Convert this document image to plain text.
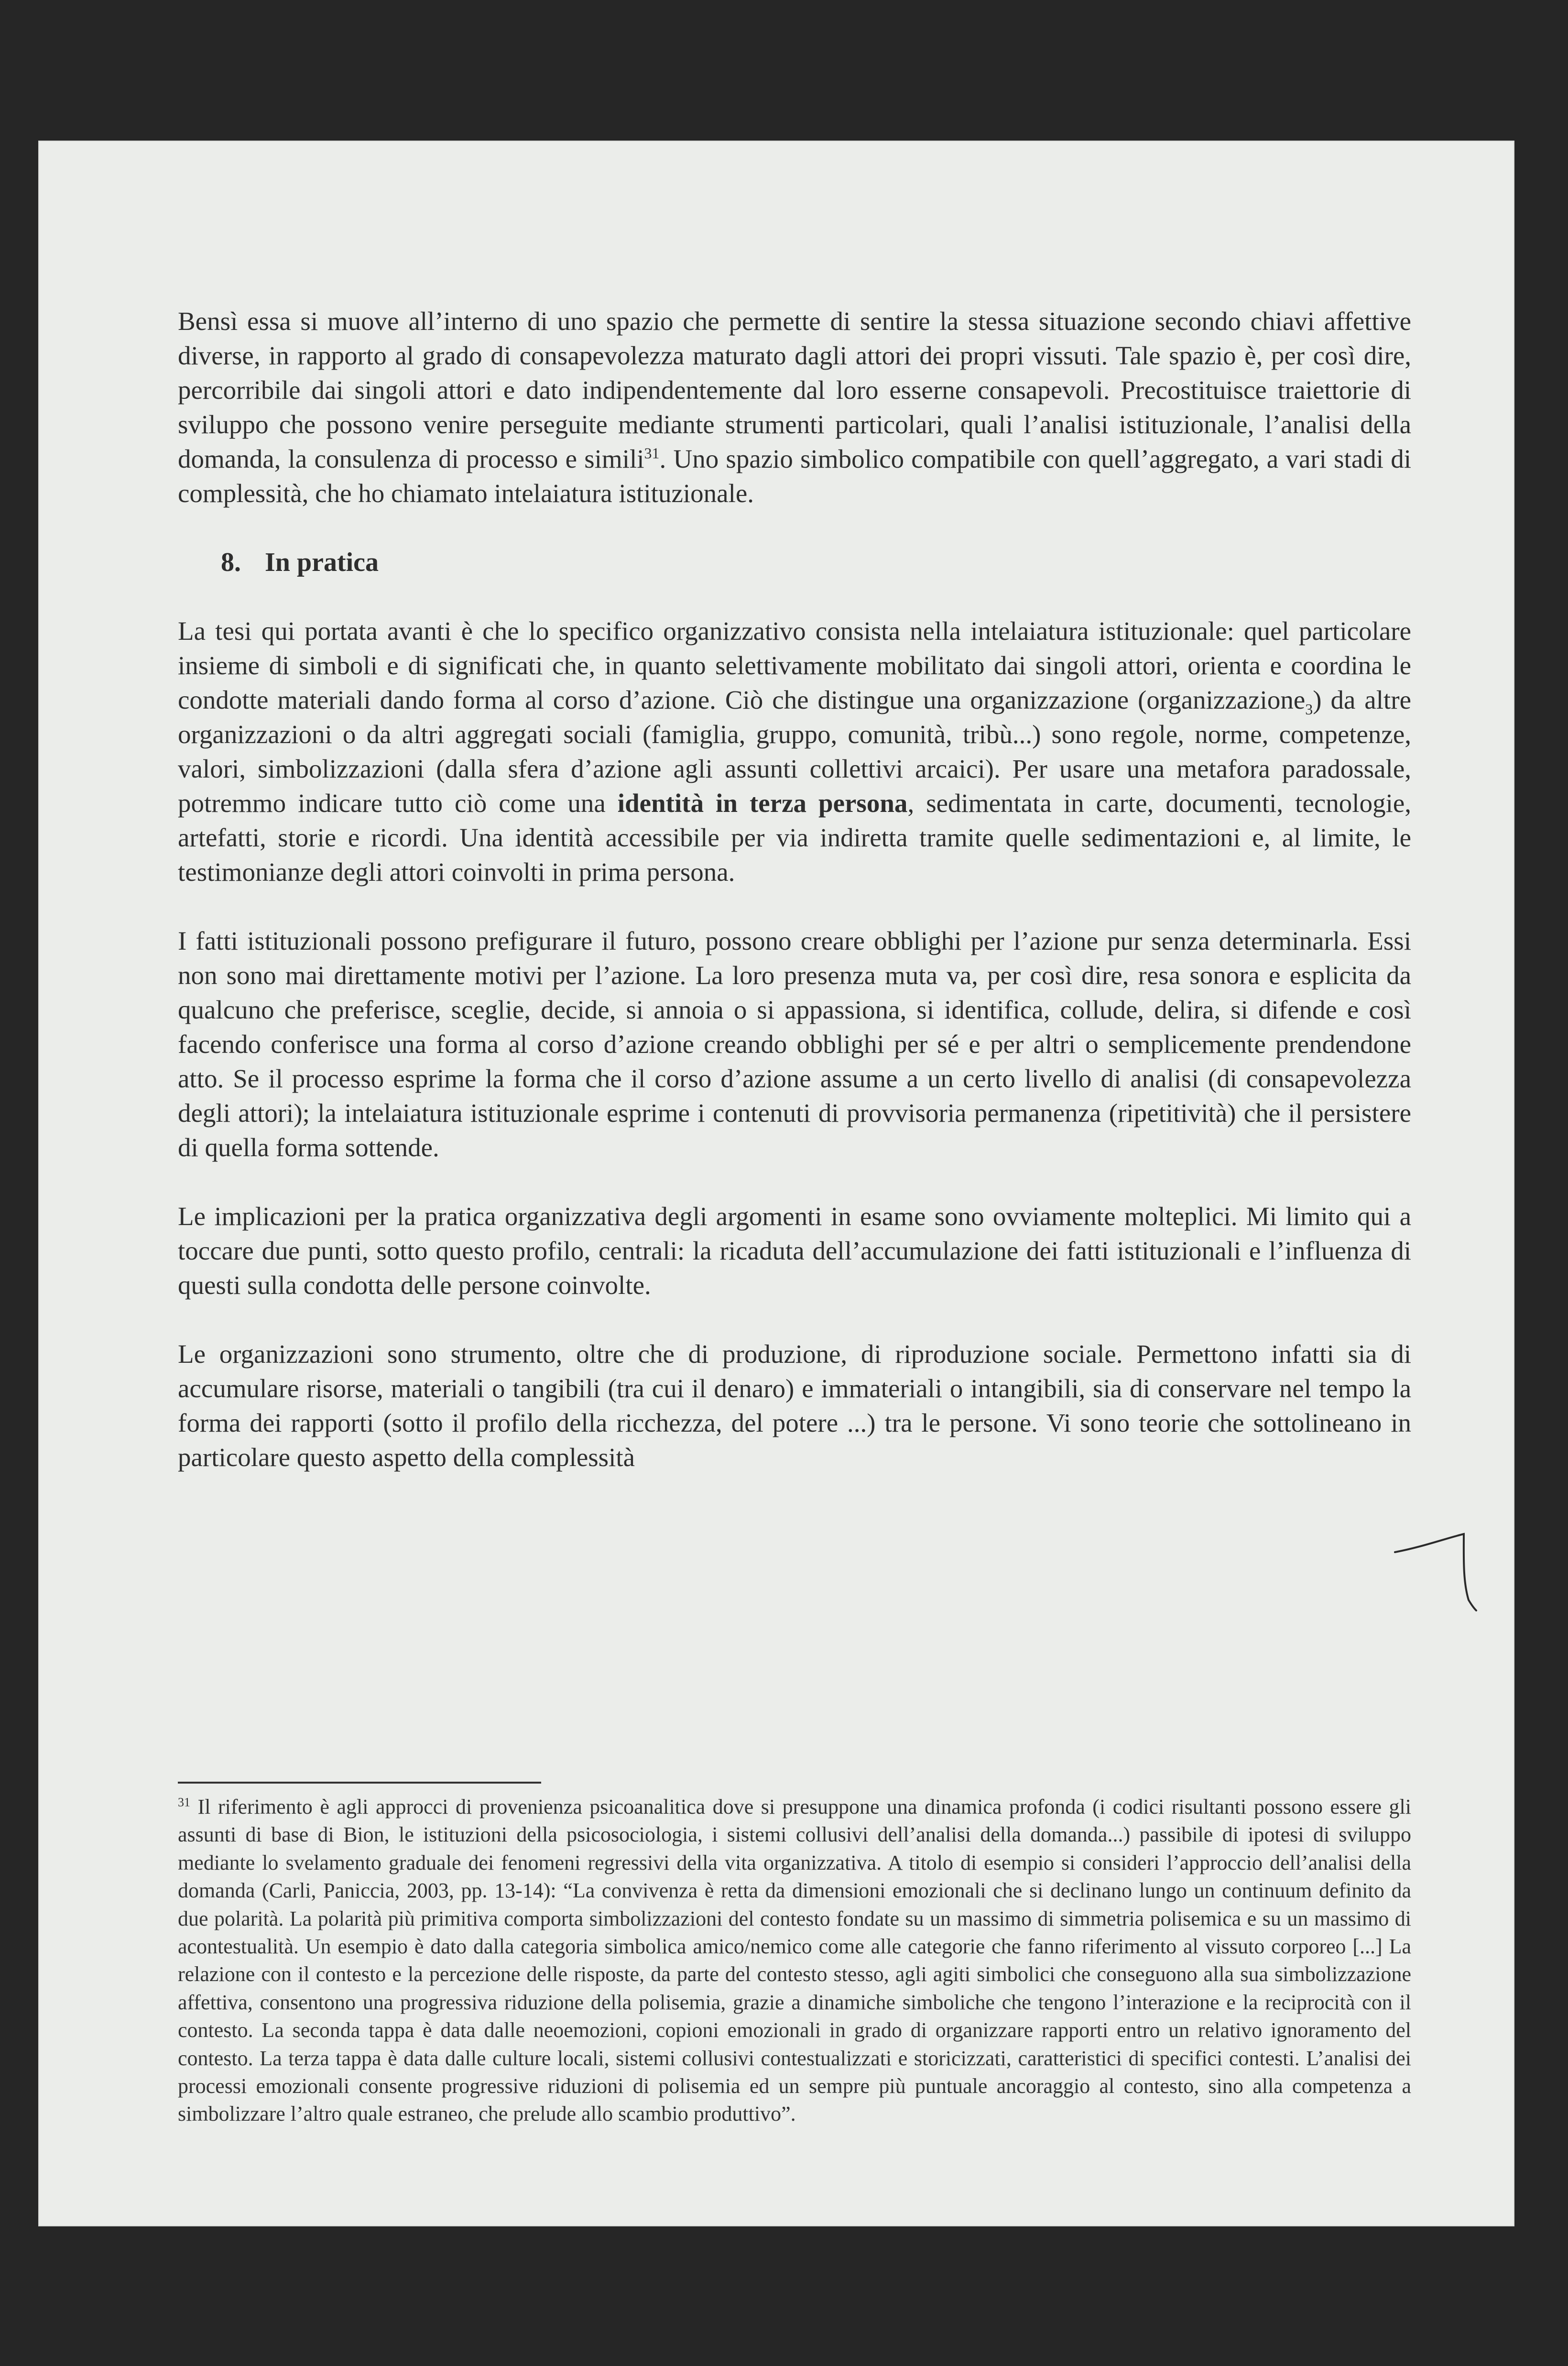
Bensì essa si muove all’interno di uno spazio che permette di sentire la stessa situazione secondo chiavi affettive diverse, in rapporto al grado di consapevolezza maturato dagli attori dei propri vissuti. Tale spazio è, per così dire, percorribile dai singoli attori e dato indipendentemente dal loro esserne consapevoli. Precostituisce traiettorie di sviluppo che possono venire perseguite mediante strumenti particolari, quali l’analisi istituzionale, l’analisi della domanda, la consulenza di processo e simili$^{31}$. Uno spazio simbolico compatibile con quell’aggregato, a vari stadi di complessità, che ho chiamato intelaiatura istituzionale.

8. In pratica

La tesi qui portata avanti è che lo specifico organizzativo consista nella intelaiatura istituzionale: quel particolare insieme di simboli e di significati che, in quanto selettivamente mobilitato dai singoli attori, orienta e coordina le condotte materiali dando forma al corso d’azione. Ciò che distingue una organizzazione (organizzazione$_3$) da altre organizzazioni o da altri aggregati sociali (famiglia, gruppo, comunità, tribù...) sono regole, norme, competenze, valori, simbolizzazioni (dalla sfera d’azione agli assunti collettivi arcaici). Per usare una metafora paradossale, potremmo indicare tutto ciò come una identità in terza persona, sedimentata in carte, documenti, tecnologie, artefatti, storie e ricordi. Una identità accessibile per via indiretta tramite quelle sedimentazioni e, al limite, le testimonianze degli attori coinvolti in prima persona.

I fatti istituzionali possono prefigurare il futuro, possono creare obblighi per l’azione pur senza determinarla. Essi non sono mai direttamente motivi per l’azione. La loro presenza muta va, per così dire, resa sonora e esplicita da qualcuno che preferisce, sceglie, decide, si annoia o si appassiona, si identifica, collude, delira, si difende e così facendo conferisce una forma al corso d’azione creando obblighi per sé e per altri o semplicemente prendendone atto. Se il processo esprime la forma che il corso d’azione assume a un certo livello di analisi (di consapevolezza degli attori); la intelaiatura istituzionale esprime i contenuti di provvisoria permanenza (ripetitività) che il persistere di quella forma sottende.

Le implicazioni per la pratica organizzativa degli argomenti in esame sono ovviamente molteplici. Mi limito qui a toccare due punti, sotto questo profilo, centrali: la ricaduta dell’accumulazione dei fatti istituzionali e l’influenza di questi sulla condotta delle persone coinvolte.

Le organizzazioni sono strumento, oltre che di produzione, di riproduzione sociale. Permettono infatti sia di accumulare risorse, materiali o tangibili (tra cui il denaro) e immateriali o intangibili, sia di conservare nel tempo la forma dei rapporti (sotto il profilo della ricchezza, del potere ...) tra le persone. Vi sono teorie che sottolineano in particolare questo aspetto della complessità

$^{31}$ Il riferimento è agli approcci di provenienza psicoanalitica dove si presuppone una dinamica profonda (i codici risultanti possono essere gli assunti di base di Bion, le istituzioni della psicosociologia, i sistemi collusivi dell’analisi della domanda...) passibile di ipotesi di sviluppo mediante lo svelamento graduale dei fenomeni regressivi della vita organizzativa. A titolo di esempio si consideri l’approccio dell’analisi della domanda (Carli, Paniccia, 2003, pp. 13-14): “La convivenza è retta da dimensioni emozionali che si declinano lungo un continuum definito da due polarità. La polarità più primitiva comporta simbolizzazioni del contesto fondate su un massimo di simmetria polisemica e su un massimo di acontestualità. Un esempio è dato dalla categoria simbolica amico/nemico come alle categorie che fanno riferimento al vissuto corporeo [...] La relazione con il contesto e la percezione delle risposte, da parte del contesto stesso, agli agiti simbolici che conseguono alla sua simbolizzazione affettiva, consentono una progressiva riduzione della polisemia, grazie a dinamiche simboliche che tengono l’interazione e la reciprocità con il contesto. La seconda tappa è data dalle neoemozioni, copioni emozionali in grado di organizzare rapporti entro un relativo ignoramento del contesto. La terza tappa è data dalle culture locali, sistemi collusivi contestualizzati e storicizzati, caratteristici di specifici contesti. L’analisi dei processi emozionali consente progressive riduzioni di polisemia ed un sempre più puntuale ancoraggio al contesto, sino alla competenza a simbolizzare l’altro quale estraneo, che prelude allo scambio produttivo”.
